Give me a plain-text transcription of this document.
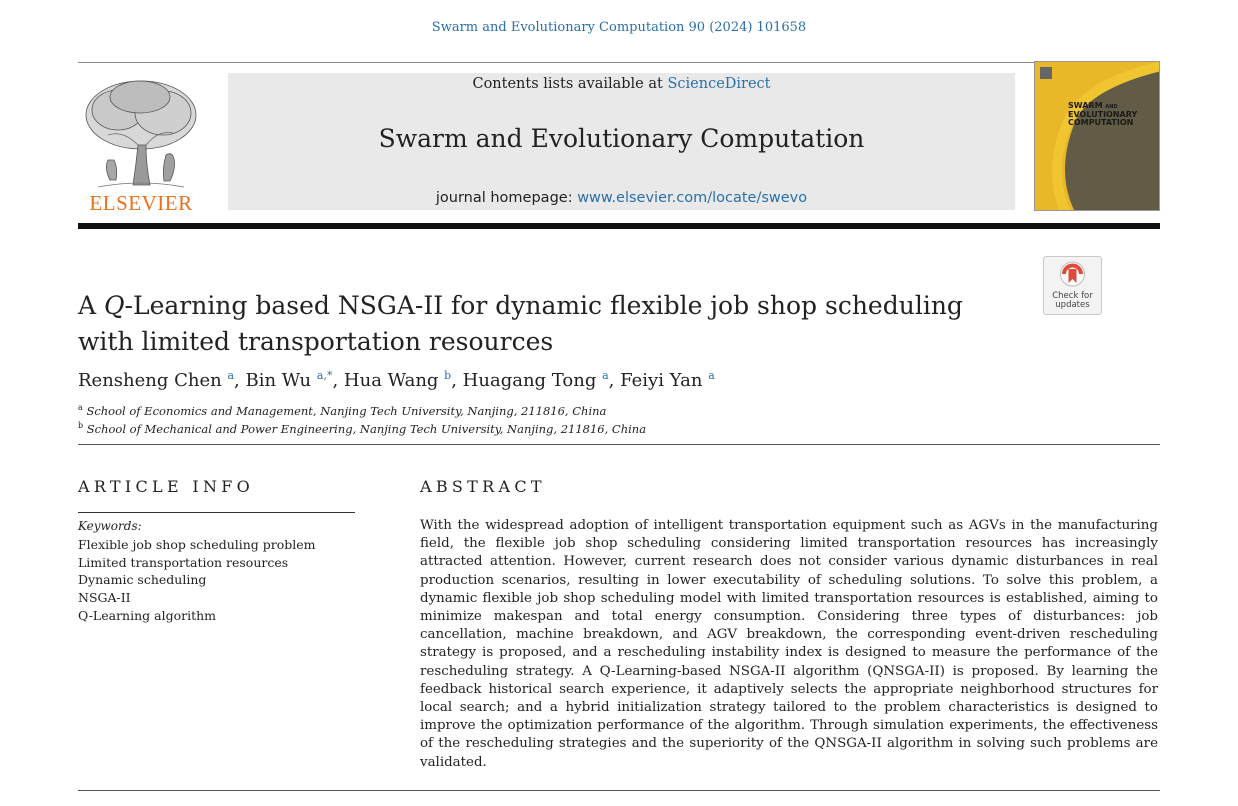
Swarm and Evolutionary Computation 90 (2024) 101658
ELSEVIER
Contents lists available at ScienceDirect
Swarm and Evolutionary Computation
journal homepage: www.elsevier.com/locate/swevo
SWARM AND
EVOLUTIONARY
COMPUTATION
Check for
updates
A Q-Learning based NSGA-II for dynamic flexible job shop scheduling with limited transportation resources
Rensheng Chen $^a$, Bin Wu $^{a,*}$, Hua Wang $^b$, Huagang Tong $^a$, Feiyi Yan $^a$
$^a$ School of Economics and Management, Nanjing Tech University, Nanjing, 211816, China
$^b$ School of Mechanical and Power Engineering, Nanjing Tech University, Nanjing, 211816, China
ARTICLE INFO
Keywords:
Flexible job shop scheduling problem
Limited transportation resources
Dynamic scheduling
NSGA-II
Q-Learning algorithm
ABSTRACT
With the widespread adoption of intelligent transportation equipment such as AGVs in the manufacturing field, the flexible job shop scheduling considering limited transportation resources has increasingly attracted attention. However, current research does not consider various dynamic disturbances in real production scenarios, resulting in lower executability of scheduling solutions. To solve this problem, a dynamic flexible job shop scheduling model with limited transportation resources is established, aiming to minimize makespan and total energy consumption. Considering three types of disturbances: job cancellation, machine breakdown, and AGV breakdown, the corresponding event-driven rescheduling strategy is proposed, and a rescheduling instability index is designed to measure the performance of the rescheduling strategy. A Q-Learning-based NSGA-II algorithm (QNSGA-II) is proposed. By learning the feedback historical search experience, it adaptively selects the appropriate neighborhood structures for local search; and a hybrid initialization strategy tailored to the problem characteristics is designed to improve the optimization performance of the algorithm. Through simulation experiments, the effectiveness of the rescheduling strategies and the superiority of the QNSGA-II algorithm in solving such problems are validated.
